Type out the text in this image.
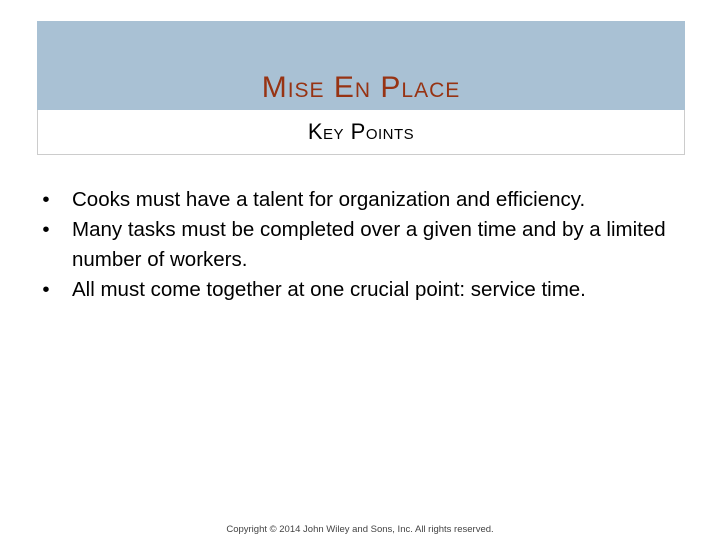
Mise En Place
Key Points
•	Cooks must have a talent for organization and efficiency.
•	Many tasks must be completed over a given time and by a limited number of workers.
•	All must come together at one crucial point: service time.
Copyright © 2014 John Wiley and Sons, Inc. All rights reserved.
